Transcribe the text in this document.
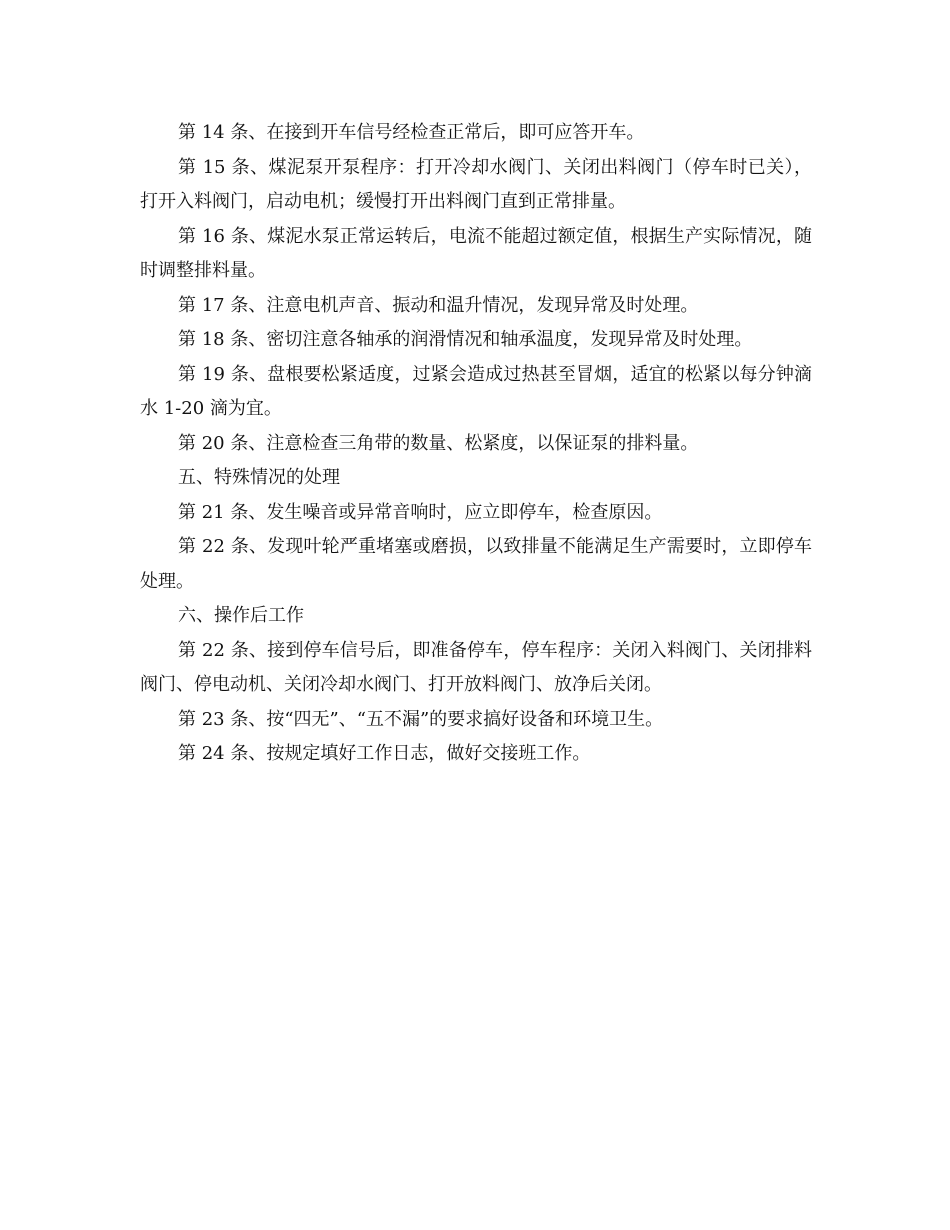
第 14 条、在接到开车信号经检查正常后，即可应答开车。

第 15 条、煤泥泵开泵程序：打开冷却水阀门、关闭出料阀门（停车时已关），打开入料阀门，启动电机；缓慢打开出料阀门直到正常排量。

第 16 条、煤泥水泵正常运转后，电流不能超过额定值，根据生产实际情况，随时调整排料量。

第 17 条、注意电机声音、振动和温升情况，发现异常及时处理。

第 18 条、密切注意各轴承的润滑情况和轴承温度，发现异常及时处理。

第 19 条、盘根要松紧适度，过紧会造成过热甚至冒烟，适宜的松紧以每分钟滴水 1-20 滴为宜。

第 20 条、注意检查三角带的数量、松紧度，以保证泵的排料量。

五、特殊情况的处理

第 21 条、发生噪音或异常音响时，应立即停车，检查原因。

第 22 条、发现叶轮严重堵塞或磨损，以致排量不能满足生产需要时，立即停车处理。

六、操作后工作

第 22 条、接到停车信号后，即准备停车，停车程序：关闭入料阀门、关闭排料阀门、停电动机、关闭冷却水阀门、打开放料阀门、放净后关闭。

第 23 条、按“四无”、“五不漏”的要求搞好设备和环境卫生。

第 24 条、按规定填好工作日志，做好交接班工作。
